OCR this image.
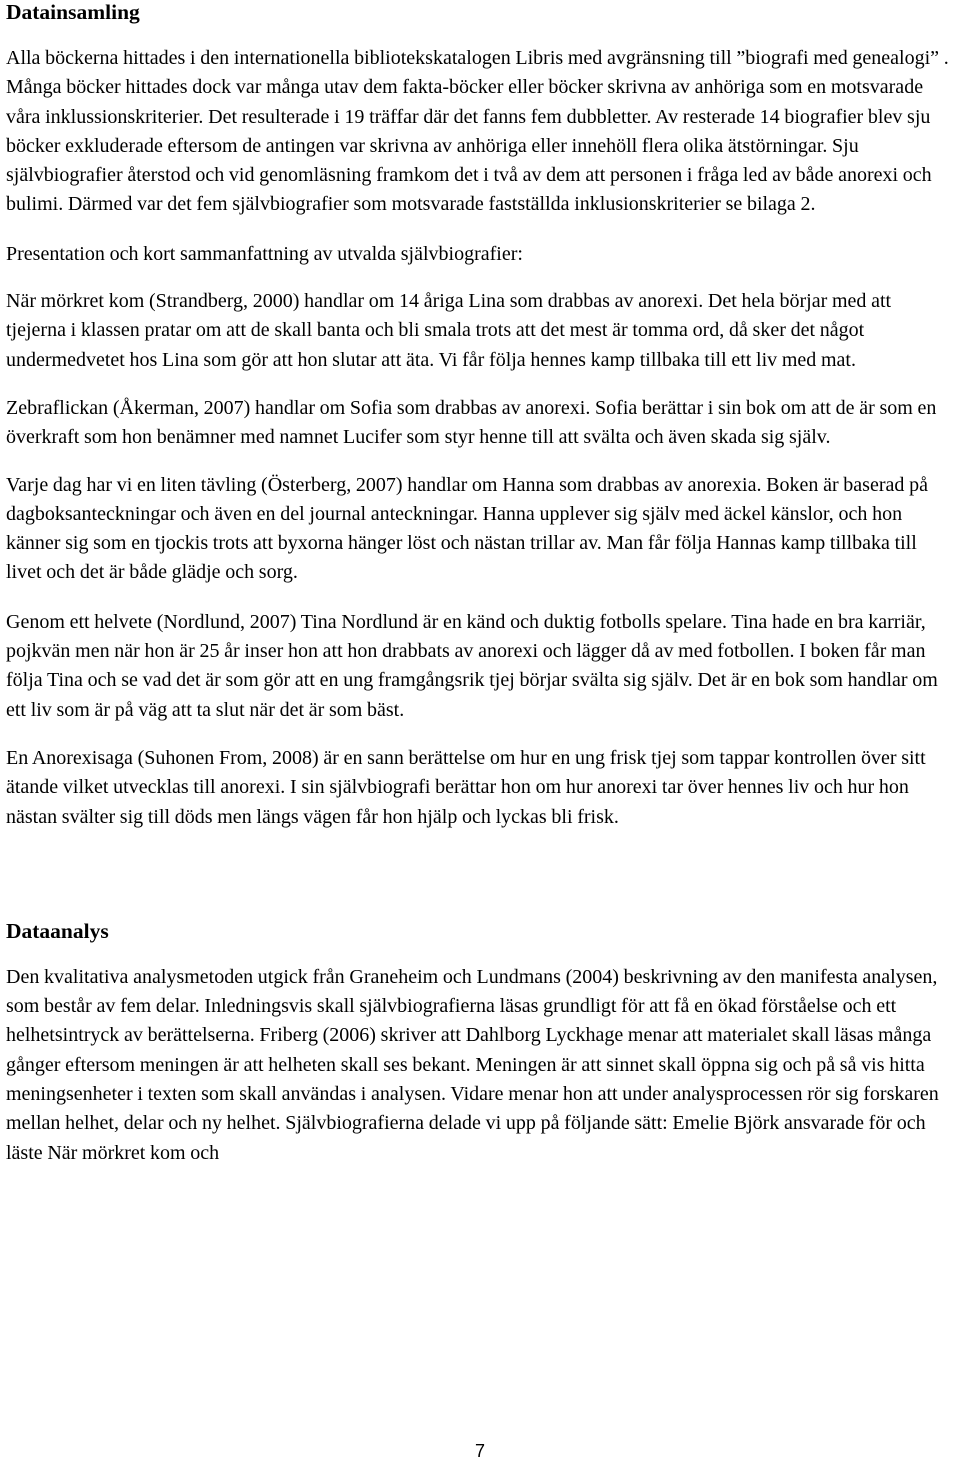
Datainsamling

Alla böckerna hittades i den internationella bibliotekskatalogen Libris med avgränsning till ”biografi med genealogi” . Många böcker hittades dock var många utav dem fakta-böcker eller böcker skrivna av anhöriga som en motsvarade våra inklussionskriterier. Det resulterade i 19 träffar där det fanns fem dubbletter. Av resterade 14 biografier blev sju böcker exkluderade eftersom de antingen var skrivna av anhöriga eller innehöll flera olika ätstörningar. Sju självbiografier återstod och vid genomläsning framkom det i två av dem att personen i fråga led av både anorexi och bulimi. Därmed var det fem självbiografier som motsvarade fastställda inklusionskriterier se bilaga 2.

Presentation och kort sammanfattning av utvalda självbiografier:

När mörkret kom (Strandberg, 2000) handlar om 14 åriga Lina som drabbas av anorexi. Det hela börjar med att tjejerna i klassen pratar om att de skall banta och bli smala trots att det mest är tomma ord, då sker det något undermedvetet hos Lina som gör att hon slutar att äta. Vi får följa hennes kamp tillbaka till ett liv med mat.

Zebraflickan (Åkerman, 2007) handlar om Sofia som drabbas av anorexi. Sofia berättar i sin bok om att de är som en överkraft som hon benämner med namnet Lucifer som styr henne till att svälta och även skada sig själv.

Varje dag har vi en liten tävling (Österberg, 2007) handlar om Hanna som drabbas av anorexia. Boken är baserad på dagboksanteckningar och även en del journal anteckningar. Hanna upplever sig själv med äckel känslor, och hon känner sig som en tjockis trots att byxorna hänger löst och nästan trillar av. Man får följa Hannas kamp tillbaka till livet och det är både glädje och sorg.

Genom ett helvete (Nordlund, 2007) Tina Nordlund är en känd och duktig fotbolls spelare. Tina hade en bra karriär, pojkvän men när hon är 25 år inser hon att hon drabbats av anorexi och lägger då av med fotbollen. I boken får man följa Tina och se vad det är som gör att en ung framgångsrik tjej börjar svälta sig själv. Det är en bok som handlar om ett liv som är på väg att ta slut när det är som bäst.

En Anorexisaga (Suhonen From, 2008) är en sann berättelse om hur en ung frisk tjej som tappar kontrollen över sitt ätande vilket utvecklas till anorexi. I sin självbiografi berättar hon om hur anorexi tar över hennes liv och hur hon nästan svälter sig till döds men längs vägen får hon hjälp och lyckas bli frisk.

Dataanalys

Den kvalitativa analysmetoden utgick från Graneheim och Lundmans (2004) beskrivning av den manifesta analysen, som består av fem delar. Inledningsvis skall självbiografierna läsas grundligt för att få en ökad förståelse och ett helhetsintryck av berättelserna. Friberg (2006) skriver att Dahlborg Lyckhage menar att materialet skall läsas många gånger eftersom meningen är att helheten skall ses bekant. Meningen är att sinnet skall öppna sig och på så vis hitta meningsenheter i texten som skall användas i analysen. Vidare menar hon att under analysprocessen rör sig forskaren mellan helhet, delar och ny helhet. Självbiografierna delade vi upp på följande sätt: Emelie Björk ansvarade för och läste När mörkret kom och

7
